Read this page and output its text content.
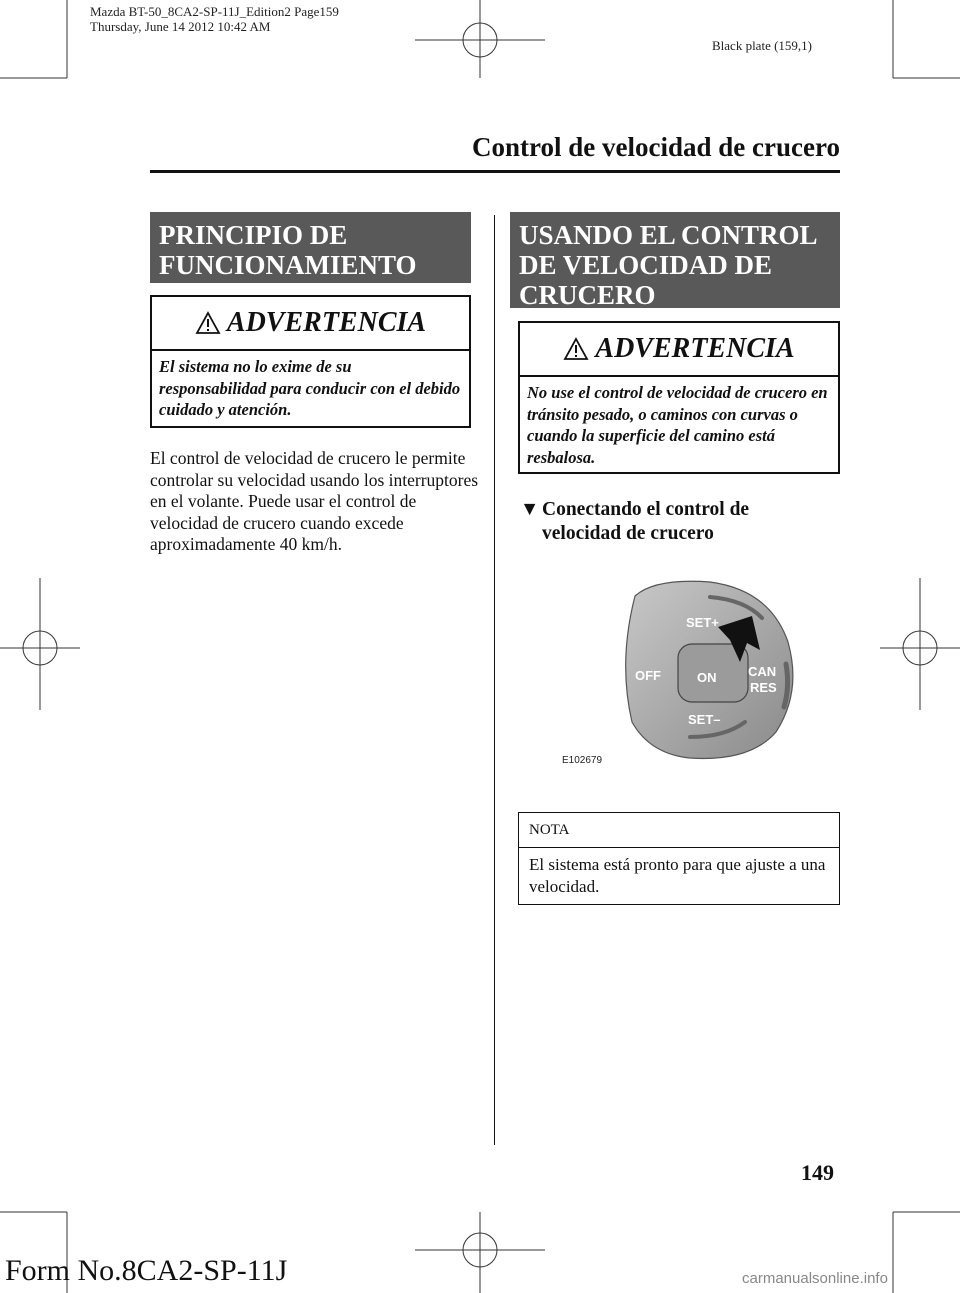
Mazda BT-50_8CA2-SP-11J_Edition2 Page159
Thursday, June 14 2012 10:42 AM
Black plate (159,1)
Control de velocidad de crucero
PRINCIPIO DE
FUNCIONAMIENTO
ADVERTENCIA
El sistema no lo exime de su responsabilidad para conducir con el debido cuidado y atención.
El control de velocidad de crucero le permite controlar su velocidad usando los interruptores en el volante. Puede usar el control de velocidad de crucero cuando excede aproximadamente 40 km/h.
USANDO EL CONTROL
DE VELOCIDAD DE
CRUCERO
ADVERTENCIA
No use el control de velocidad de crucero en tránsito pesado, o caminos con curvas o cuando la superficie del camino está resbalosa.
▼ Conectando el control de
velocidad de crucero
SET+
OFF	ON CAN
RES
SET–
E102679
NOTA
El sistema está pronto para que ajuste a una velocidad.
149
Form No.8CA2-SP-11J	carmanualsonline.info
